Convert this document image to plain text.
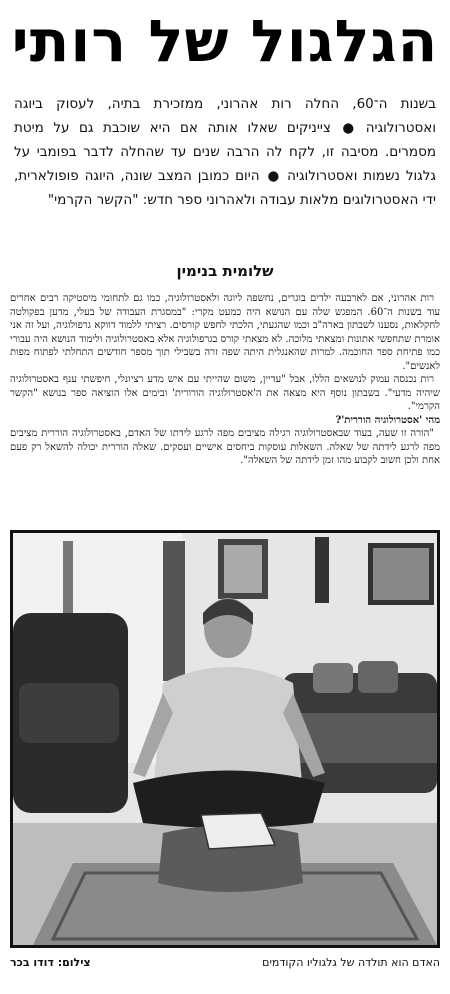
הגלגול של רותי
בשנות ה־60, החלה רות אהרוני, ממזכירת בתיה, לעסוק ביוגה ואסטרולוגיה ● צייניקים שאלו אותה אם היא שוכבת גם על מיטת מסמרים. מסיבה זו, לקח לה הרבה שנים עד שהחלה לדבר בפומבי על גלגול נשמות ואסטרולוגיה ● היום כמובן המצב שונה, היוגה פופולארית, ידי האסטרולוגים מלאות עבודה ולאהרוני ספר חדש: "הקשר הקרמי"
שלומית בנימין

רות אהרוני, אם לארבעה ילדים בוגרים, נחשפה ליוגה ולאסטרולוגיה, כמו גם לתחומי מיסטיקה רבים אחרים עוד בשנות ה־60. המפגש שלה עם הנושא היה כמעט מקרי: "במסגרת העבודה של בעלי, מדען בפקולטה לחקלאות, נסענו לשבתון בארה"ב וכמו שהגעתי, הלכתי לחפש קורסים. רציתי ללמוד דווקא גרפולוגיה, ועל זה אני אומרת שתחפשי אתונות ומצאתי מלוכה. לא מצאתי קורס בגרפולוגיה אלא באסטרולוגיה ולימוד הנושא היה עבורי כמו פתיחת ספר החוכמה. למרות שהאנגלית היתה שפה זרה בשבילי תוך מספר חודשים התחלתי לפתוח מפות לאנשים".

רות נכנסה עמוק לנושאים הללו, אבל "עדיין, משום שהייתי עם איש מדע רציונלי, חיפשתי ענף באסטרולוגיה שיהיה מדעי". בשבתון נוסף היא מצאה את ה'אסטרולוגיה הורורית' ובימים אלו הוציאה ספר בנושא "הקשר הקרמי".

מהי 'אסטרולוגיה הוררית'?

"הורה זו שעה, בעוד שבאסטרולוגיה רגילה מציבים מפה לרגע לידתו של האדם, באסטרולוגיה הוררית מציבים מפה לרגע לידתה של שאלה. השאלות עוסקות ביחסים אישיים ועסקים. שאלה הוררית יכולה להשאל רק פעם אחת ולכן חשוב לקבוע מהו זמן לידתה של השאלה".

האדם הוא תולדה של גלגוליו הקודמים
צילום: דודו בכר
